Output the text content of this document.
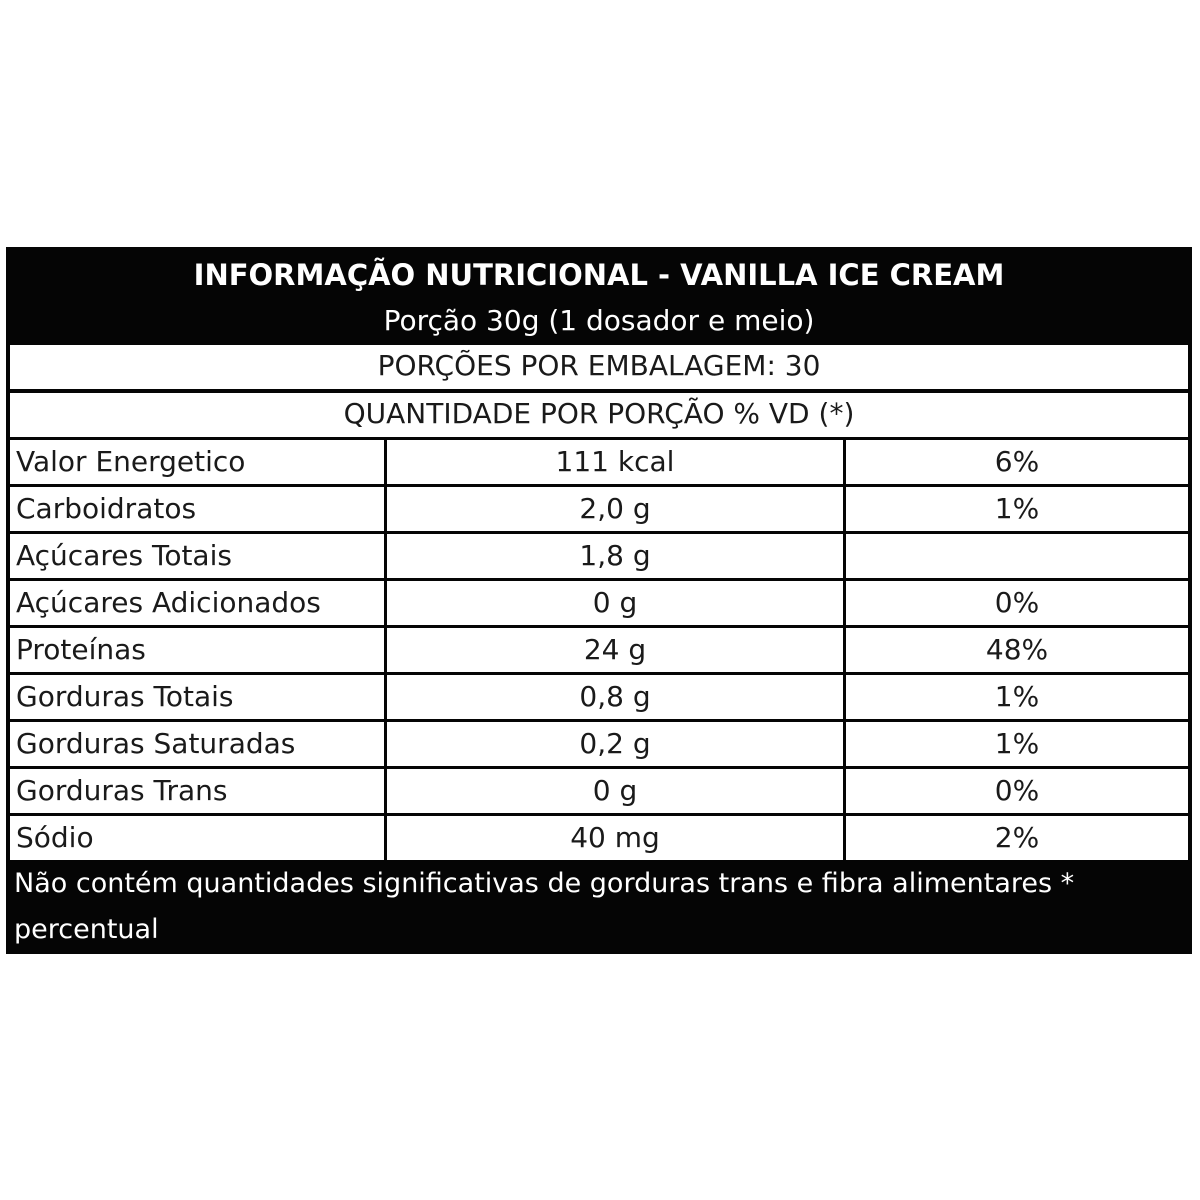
INFORMAÇÃO NUTRICIONAL - VANILLA ICE CREAM
Porção 30g (1 dosador e meio)
PORÇÕES POR EMBALAGEM: 30
QUANTIDADE POR PORÇÃO % VD (*)
Valor Energetico	111 kcal	6%
Carboidratos	2,0 g	1%
Açúcares Totais	1,8 g
Açúcares Adicionados	0 g	0%
Proteínas	24 g	48%
Gorduras Totais	0,8 g	1%
Gorduras Saturadas	0,2 g	1%
Gorduras Trans	0 g	0%
Sódio	40 mg	2%
Não contém quantidades significativas de gorduras trans e fibra alimentares * percentual
valores diarios fornecidos pela porção.
